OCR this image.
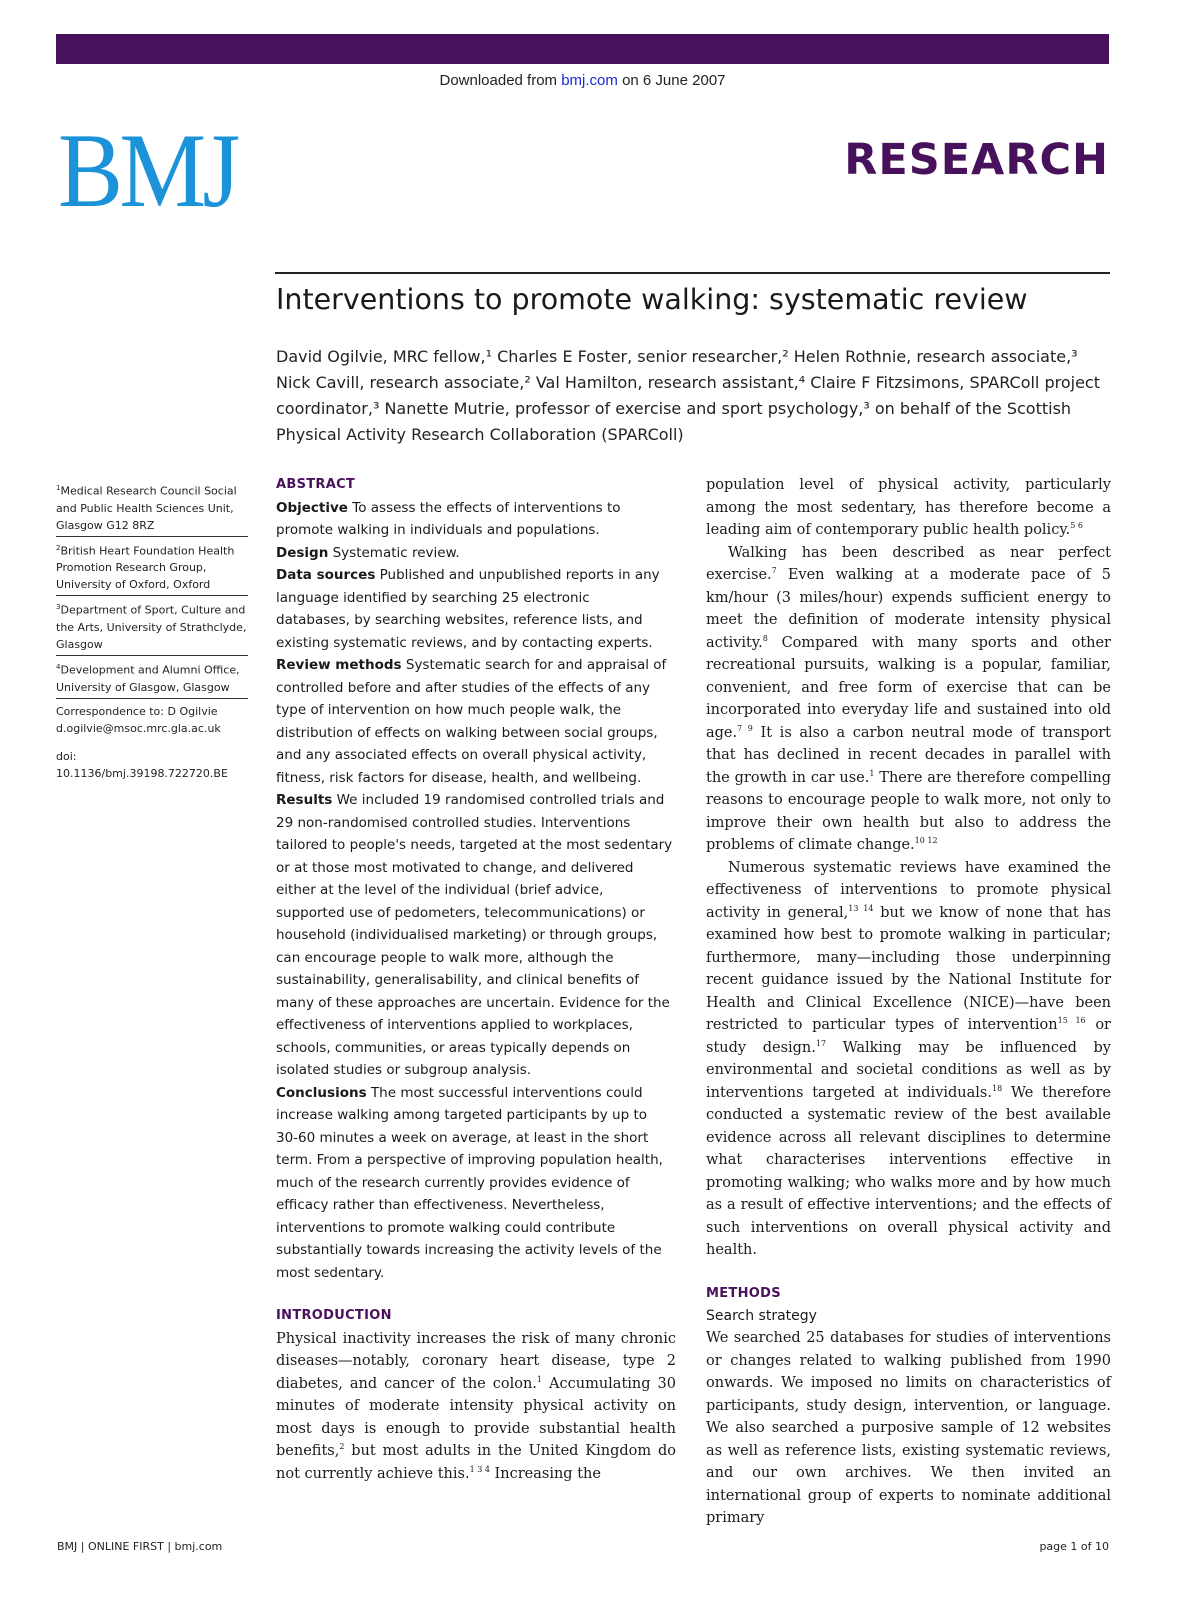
Downloaded from bmj.com on 6 June 2007
BMJ	RESEARCH
Interventions to promote walking: systematic review
David Ogilvie, MRC fellow,¹ Charles E Foster, senior researcher,² Helen Rothnie, research associate,³ Nick Cavill, research associate,² Val Hamilton, research assistant,⁴ Claire F Fitzsimons, SPARColl project coordinator,³ Nanette Mutrie, professor of exercise and sport psychology,³ on behalf of the Scottish Physical Activity Research Collaboration (SPARColl)
$^1$Medical Research Council Social and Public Health Sciences Unit, Glasgow G12 8RZ
$^2$British Heart Foundation Health Promotion Research Group, University of Oxford, Oxford
$^3$Department of Sport, Culture and the Arts, University of Strathclyde, Glasgow
$^4$Development and Alumni Office, University of Glasgow, Glasgow
Correspondence to: D Ogilvie
d.ogilvie@msoc.mrc.gla.ac.uk
doi: 10.1136/bmj.39198.722720.BE
ABSTRACT
Objective To assess the effects of interventions to
promote walking in individuals and populations.
Design Systematic review.
Data sources Published and unpublished reports in any
language identified by searching 25 electronic
databases, by searching websites, reference lists, and
existing systematic reviews, and by contacting experts.
Review methods Systematic search for and appraisal of
controlled before and after studies of the effects of any
type of intervention on how much people walk, the
distribution of effects on walking between social groups,
and any associated effects on overall physical activity,
fitness, risk factors for disease, health, and wellbeing.
Results We included 19 randomised controlled trials and
29 non-randomised controlled studies. Interventions
tailored to people's needs, targeted at the most sedentary
or at those most motivated to change, and delivered
either at the level of the individual (brief advice,
supported use of pedometers, telecommunications) or
household (individualised marketing) or through groups,
can encourage people to walk more, although the
sustainability, generalisability, and clinical benefits of
many of these approaches are uncertain. Evidence for the
effectiveness of interventions applied to workplaces,
schools, communities, or areas typically depends on
isolated studies or subgroup analysis.
Conclusions The most successful interventions could
increase walking among targeted participants by up to
30-60 minutes a week on average, at least in the short
term. From a perspective of improving population health,
much of the research currently provides evidence of
efficacy rather than effectiveness. Nevertheless,
interventions to promote walking could contribute
substantially towards increasing the activity levels of the
most sedentary.
INTRODUCTION
Physical inactivity increases the risk of many chronic diseases—notably, coronary heart disease, type 2 diabetes, and cancer of the colon.$^1$ Accumulating 30 minutes of moderate intensity physical activity on most days is enough to provide substantial health benefits,$^2$ but most adults in the United Kingdom do not currently achieve this.$^{1 3 4}$ Increasing the
population level of physical activity, particularly among the most sedentary, has therefore become a leading aim of contemporary public health policy.$^{5 6}$
Walking has been described as near perfect exercise.$^7$ Even walking at a moderate pace of 5 km/hour (3 miles/hour) expends sufficient energy to meet the definition of moderate intensity physical activity.$^8$ Compared with many sports and other recreational pursuits, walking is a popular, familiar, convenient, and free form of exercise that can be incorporated into everyday life and sustained into old age.$^{7 9}$ It is also a carbon neutral mode of transport that has declined in recent decades in parallel with the growth in car use.$^1$ There are therefore compelling reasons to encourage people to walk more, not only to improve their own health but also to address the problems of climate change.$^{10 12}$
Numerous systematic reviews have examined the effectiveness of interventions to promote physical activity in general,$^{13 14}$ but we know of none that has examined how best to promote walking in particular; furthermore, many—including those underpinning recent guidance issued by the National Institute for Health and Clinical Excellence (NICE)—have been restricted to particular types of intervention$^{15 16}$ or study design.$^{17}$ Walking may be influenced by environmental and societal conditions as well as by interventions targeted at individuals.$^{18}$ We therefore conducted a systematic review of the best available evidence across all relevant disciplines to determine what characterises interventions effective in promoting walking; who walks more and by how much as a result of effective interventions; and the effects of such interventions on overall physical activity and health.
METHODS
Search strategy
We searched 25 databases for studies of interventions or changes related to walking published from 1990 onwards. We imposed no limits on characteristics of participants, study design, intervention, or language. We also searched a purposive sample of 12 websites as well as reference lists, existing systematic reviews, and our own archives. We then invited an international group of experts to nominate additional primary
BMJ | ONLINE FIRST | bmj.com	page 1 of 10
